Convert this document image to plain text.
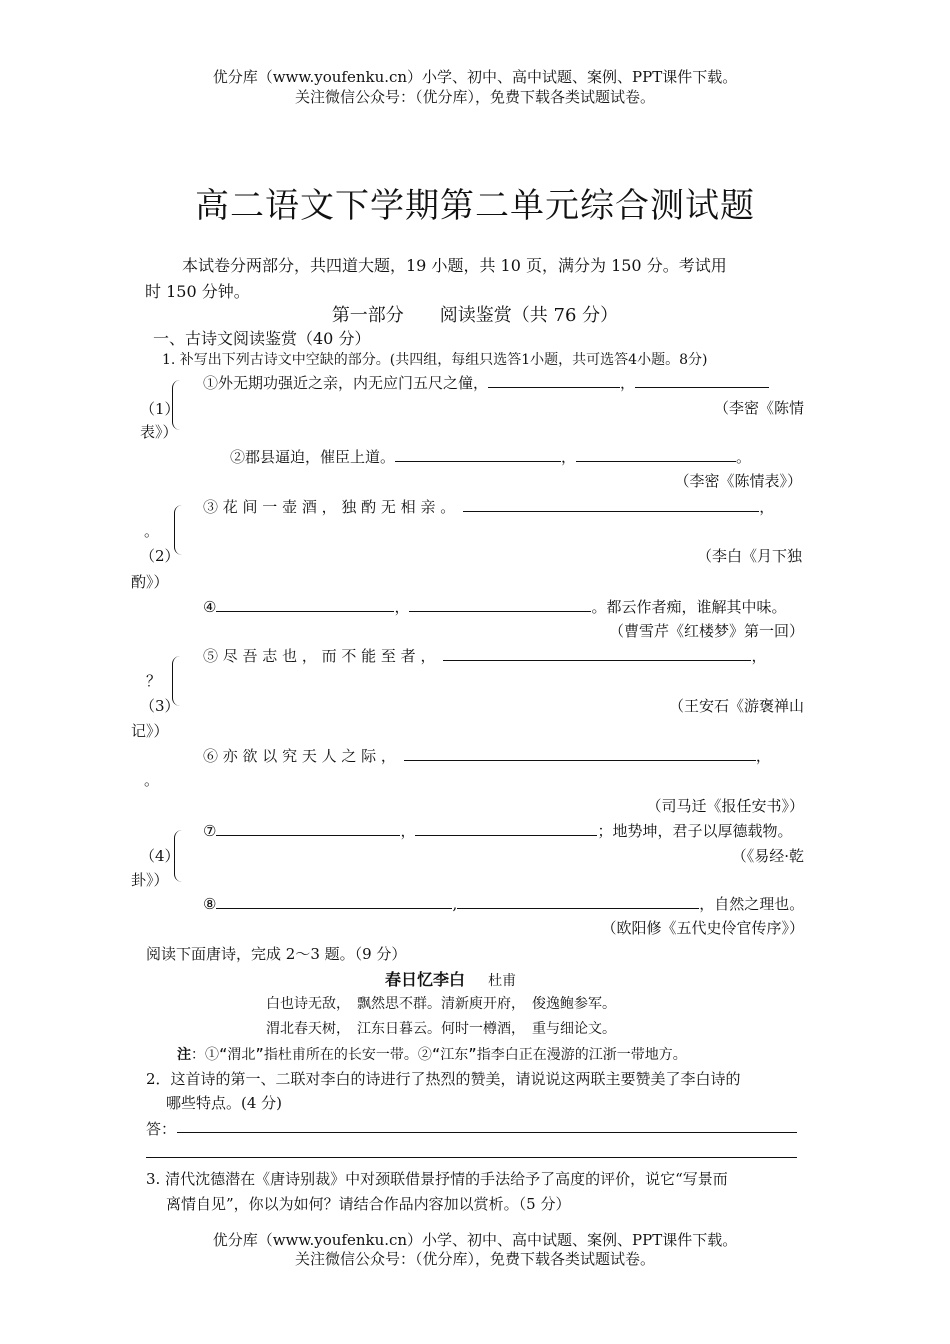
优分库（www.youfenku.cn）小学、初中、高中试题、案例、PPT课件下载。
关注微信公众号：（优分库），免费下载各类试题试卷。
高二语文下学期第二单元综合测试题
本试卷分两部分，共四道大题，19 小题，共 10 页，满分为 150 分。考试用
时 150 分钟。
第一部分　　阅读鉴赏（共 76 分）
一、古诗文阅读鉴赏（40 分）
1. 补写出下列古诗文中空缺的部分。(共四组，每组只选答1小题，共可选答4小题。8分)
（1）
表》）
①外无期功强近之亲，内无应门五尺之僮，	，
（李密《陈情
②郡县逼迫，催臣上道。	，	。
（李密《陈情表》）
。
（2）
酌》）
③ 花 间 一 壶 酒 ， 独 酌 无 相 亲 。	，
（李白《月下独
④	，	。都云作者痴，谁解其中味。
（曹雪芹《红楼梦》第一回）
？
（3）
记》）
⑤ 尽 吾 志 也 ， 而 不 能 至 者 ，	，
（王安石《游褒禅山
⑥ 亦 欲 以 究 天 人 之 际 ，	，
。
（司马迁《报任安书》）
（4）
卦》）
⑦	，	；地势坤，君子以厚德载物。
（《易经·乾
⑧	,	，自然之理也。
（欧阳修《五代史伶官传序》）
阅读下面唐诗，完成 2～3 题。（9 分）
春日忆李白 杜甫
白也诗无敌，　飘然思不群。清新庾开府，　俊逸鲍参军。
渭北春天树，　江东日暮云。何时一樽酒，　重与细论文。
注：①“渭北”指杜甫所在的长安一带。②“江东”指李白正在漫游的江浙一带地方。
2．这首诗的第一、二联对李白的诗进行了热烈的赞美，请说说这两联主要赞美了李白诗的
哪些特点。(4 分)
答：
3. 清代沈德潜在《唐诗别裁》中对颈联借景抒情的手法给予了高度的评价，说它“写景而
离情自见”，你以为如何？请结合作品内容加以赏析。（5 分）
优分库（www.youfenku.cn）小学、初中、高中试题、案例、PPT课件下载。
关注微信公众号：（优分库），免费下载各类试题试卷。
